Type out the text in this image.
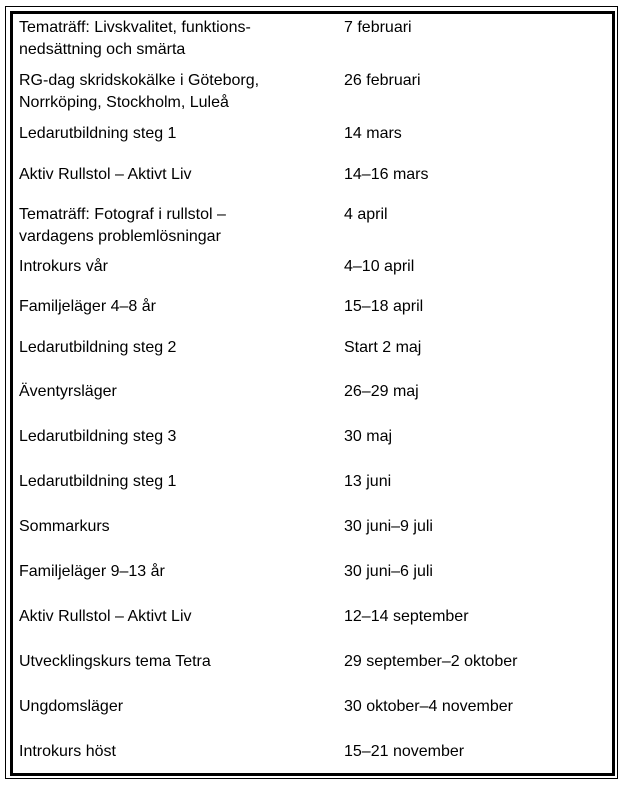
Tematräff: Livskvalitet, funktions-
nedsättning och smärta
7 februari
RG-dag skridskokälke i Göteborg,
Norrköping, Stockholm, Luleå
26 februari
Ledarutbildning steg 1	14 mars
Aktiv Rullstol – Aktivt Liv	14–16 mars
Tematräff: Fotograf i rullstol –
vardagens problemlösningar
4 april
Introkurs vår	4–10 april
Familjeläger 4–8 år	15–18 april
Ledarutbildning steg 2	Start 2 maj
Äventyrsläger	26–29 maj
Ledarutbildning steg 3	30 maj
Ledarutbildning steg 1	13 juni
Sommarkurs	30 juni–9 juli
Familjeläger 9–13 år	30 juni–6 juli
Aktiv Rullstol – Aktivt Liv	12–14 september
Utvecklingskurs tema Tetra	29 september–2 oktober
Ungdomsläger	30 oktober–4 november
Introkurs höst	15–21 november
